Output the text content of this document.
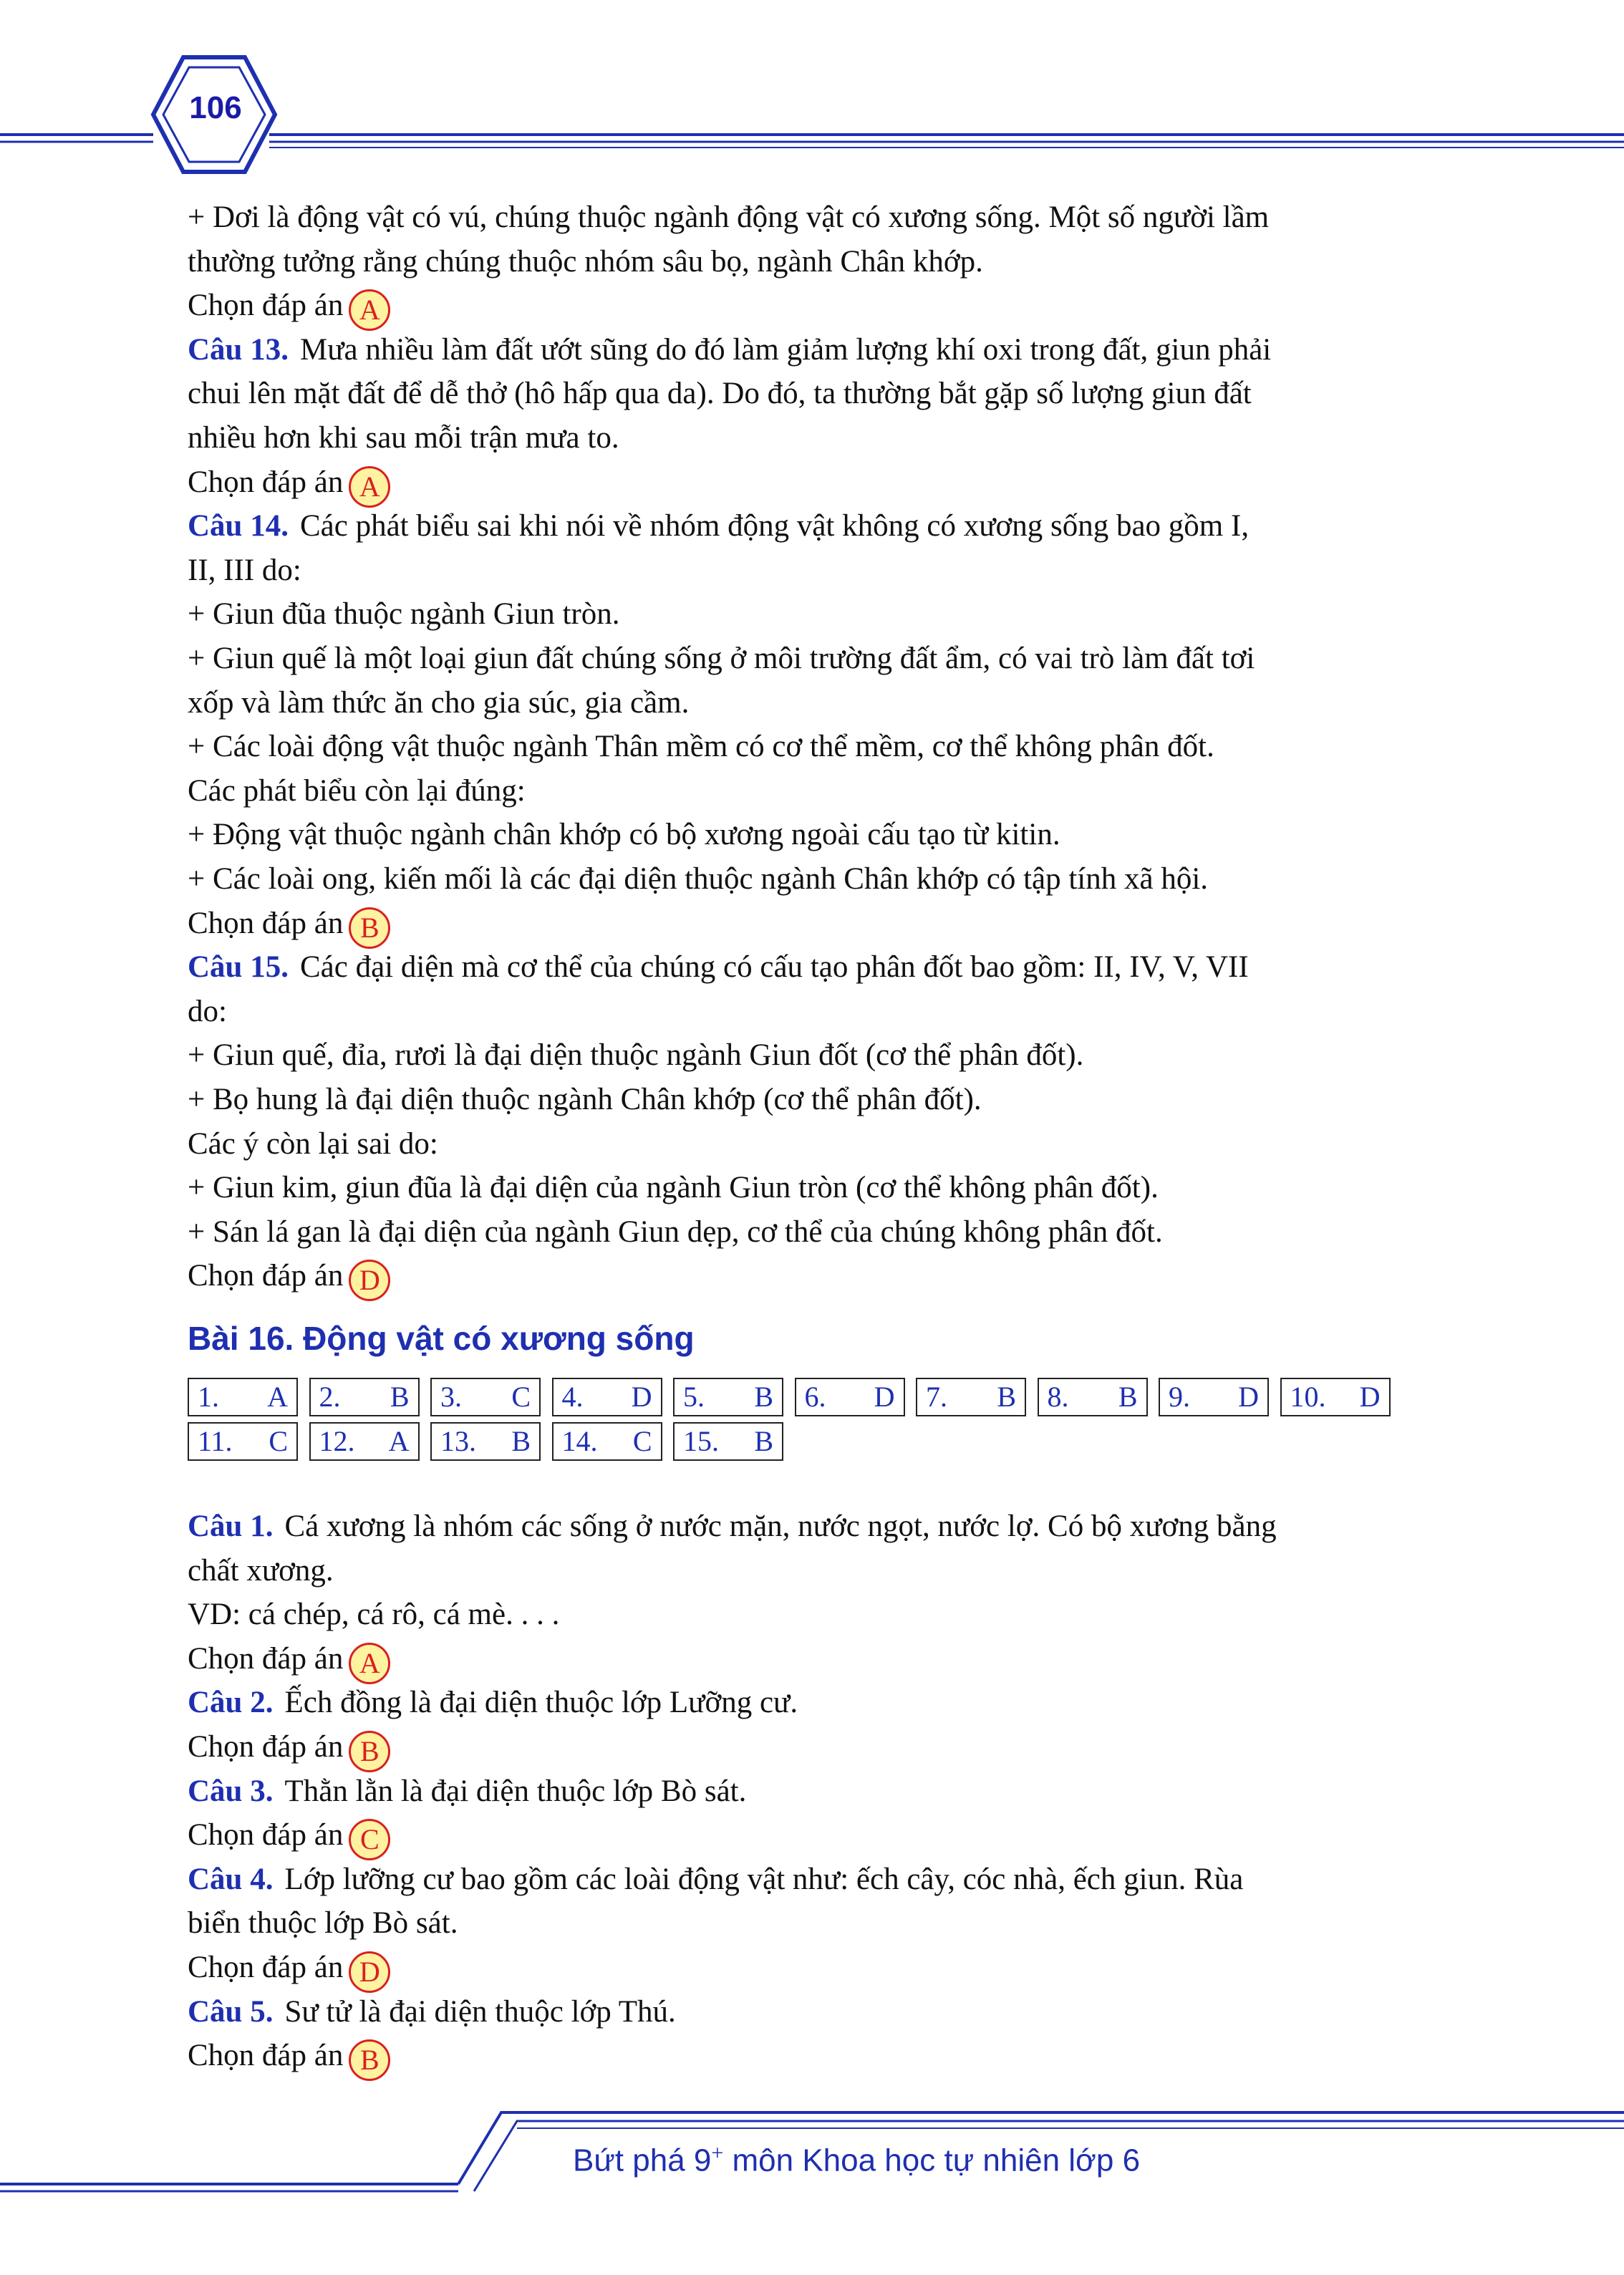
106
+ Dơi là động vật có vú, chúng thuộc ngành động vật có xương sống. Một số người lầm
thường tưởng rằng chúng thuộc nhóm sâu bọ, ngành Chân khớp.
Chọn đáp án A
Câu 13. Mưa nhiều làm đất ướt sũng do đó làm giảm lượng khí oxi trong đất, giun phải
chui lên mặt đất để dễ thở (hô hấp qua da). Do đó, ta thường bắt gặp số lượng giun đất
nhiều hơn khi sau mỗi trận mưa to.
Chọn đáp án A
Câu 14. Các phát biểu sai khi nói về nhóm động vật không có xương sống bao gồm I,
II, III do:
+ Giun đũa thuộc ngành Giun tròn.
+ Giun quế là một loại giun đất chúng sống ở môi trường đất ẩm, có vai trò làm đất tơi
xốp và làm thức ăn cho gia súc, gia cầm.
+ Các loài động vật thuộc ngành Thân mềm có cơ thể mềm, cơ thể không phân đốt.
Các phát biểu còn lại đúng:
+ Động vật thuộc ngành chân khớp có bộ xương ngoài cấu tạo từ kitin.
+ Các loài ong, kiến mối là các đại diện thuộc ngành Chân khớp có tập tính xã hội.
Chọn đáp án B
Câu 15. Các đại diện mà cơ thể của chúng có cấu tạo phân đốt bao gồm: II, IV, V, VII
do:
+ Giun quế, đỉa, rươi là đại diện thuộc ngành Giun đốt (cơ thể phân đốt).
+ Bọ hung là đại diện thuộc ngành Chân khớp (cơ thể phân đốt).
Các ý còn lại sai do:
+ Giun kim, giun đũa là đại diện của ngành Giun tròn (cơ thể không phân đốt).
+ Sán lá gan là đại diện của ngành Giun dẹp, cơ thể của chúng không phân đốt.
Chọn đáp án D
Bài 16. Động vật có xương sống
1. A 2. B 3. C 4. D 5. B 6. D 7. B 8. B 9. D 10. D
11. C 12. A 13. B 14. C 15. B
Câu 1. Cá xương là nhóm các sống ở nước mặn, nước ngọt, nước lợ. Có bộ xương bằng
chất xương.
VD: cá chép, cá rô, cá mè. . . .
Chọn đáp án A
Câu 2. Ếch đồng là đại diện thuộc lớp Lưỡng cư.
Chọn đáp án B
Câu 3. Thằn lằn là đại diện thuộc lớp Bò sát.
Chọn đáp án C
Câu 4. Lớp lưỡng cư bao gồm các loài động vật như: ếch cây, cóc nhà, ếch giun. Rùa
biển thuộc lớp Bò sát.
Chọn đáp án D
Câu 5. Sư tử là đại diện thuộc lớp Thú.
Chọn đáp án B
Bứt phá 9+ môn Khoa học tự nhiên lớp 6
